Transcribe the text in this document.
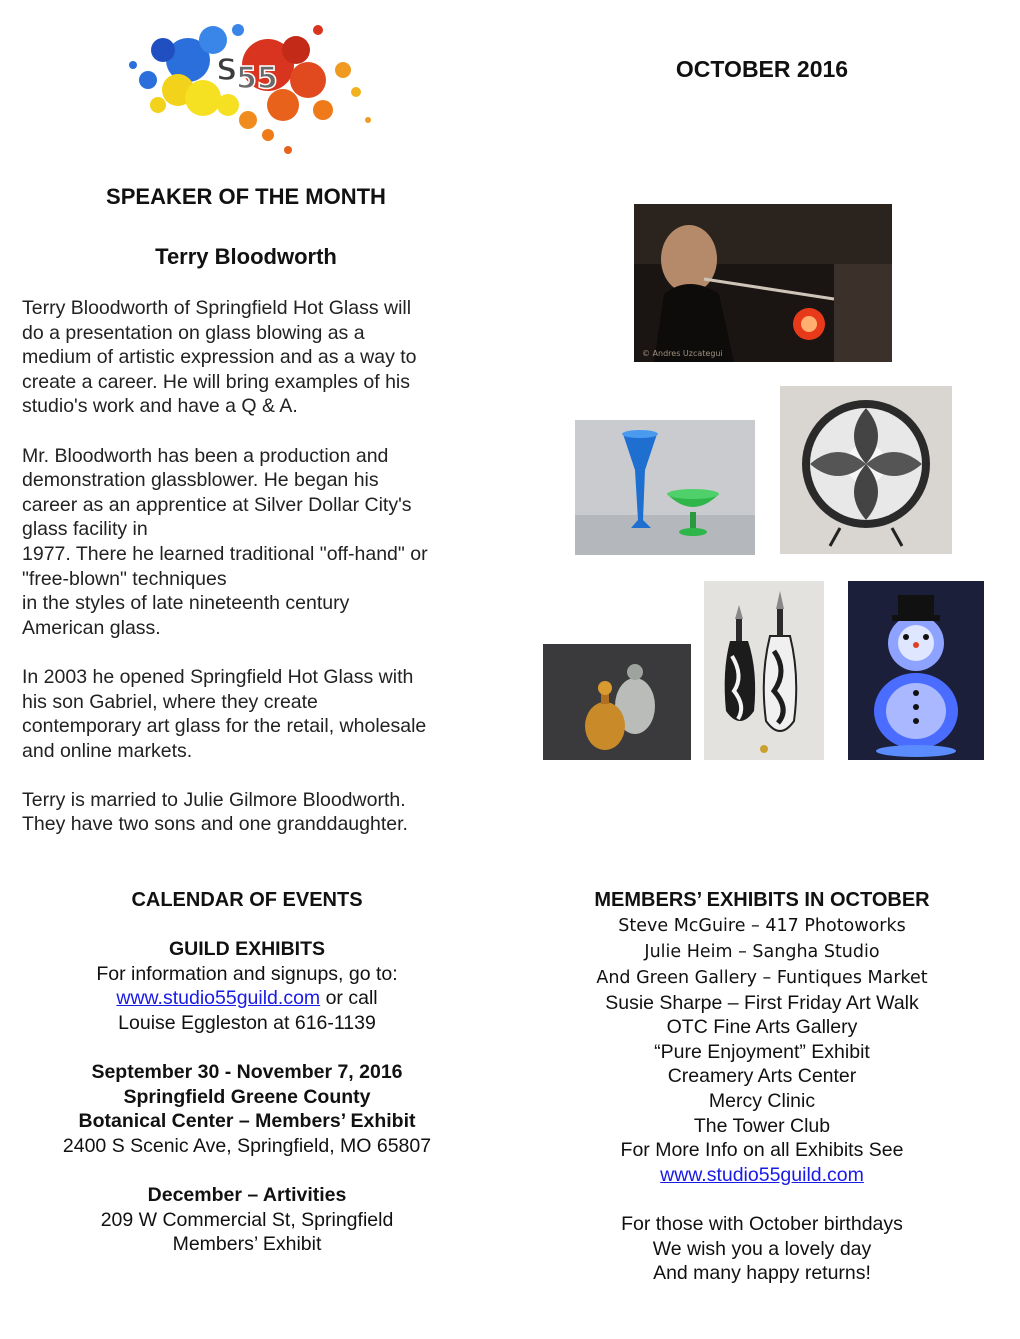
S
55	OCTOBER 2016
SPEAKER OF THE MONTH
Terry Bloodworth

Terry Bloodworth of Springfield Hot Glass will
do a presentation on glass blowing as a
medium of artistic expression and as a way to
create a career. He will bring examples of his
studio's work and have a Q & A.

Mr. Bloodworth has been a production and
demonstration glassblower. He began his
career as an apprentice at Silver Dollar City's
glass facility in
1977. There he learned traditional "off-hand" or
"free-blown" techniques
in the styles of late nineteenth century
American glass.

In 2003 he opened Springfield Hot Glass with
his son Gabriel, where they create
contemporary art glass for the retail, wholesale
and online markets.

Terry is married to Julie Gilmore Bloodworth.
They have two sons and one granddaughter.

© Andres Uzcategui
CALENDAR OF EVENTS
GUILD EXHIBITS
For information and signups, go to:
www.studio55guild.com or call
Louise Eggleston at 616-1139
September 30 - November 7, 2016
Springfield Greene County
Botanical Center – Members’ Exhibit
2400 S Scenic Ave, Springfield, MO 65807
December – Artivities
209 W Commercial St, Springfield
Members’ Exhibit
MEMBERS’ EXHIBITS IN OCTOBER
Steve McGuire – 417 Photoworks
Julie Heim – Sangha Studio
And Green Gallery – Funtiques Market
Susie Sharpe – First Friday Art Walk
OTC Fine Arts Gallery
“Pure Enjoyment” Exhibit
Creamery Arts Center
Mercy Clinic
The Tower Club
For More Info on all Exhibits See
www.studio55guild.com
For those with October birthdays
We wish you a lovely day
And many happy returns!
